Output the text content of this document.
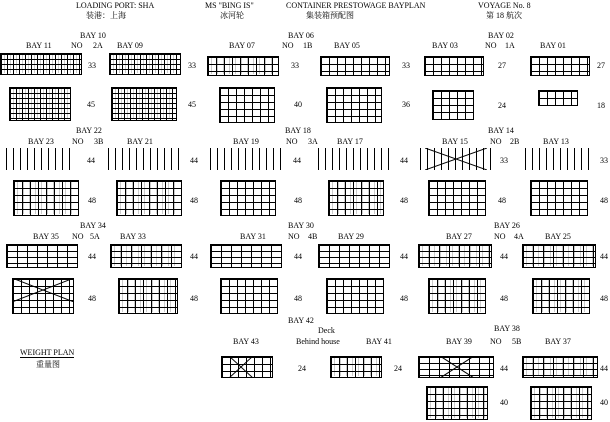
LOADING PORT: SHA
装港：上海
MS "BING IS"
冰河轮
CONTAINER PRESTOWAGE BAYPLAN
集装箱预配图
VOYAGE No. 8
第 18 航次
BAY 10
BAY 11 NO 2A BAY 09
33	33
45	45
BAY 06
BAY 07	NO 1B	BAY 05
33	33
40	36
BAY 02
BAY 03	NO 1A	BAY 01
27	27
24	18
BAY 22
BAY 23 NO 3B	BAY 21
44	44
48	48
BAY 18
BAY 19	NO 3A BAY 17
44	44
48	48
BAY 14
BAY 15	NO 2B	BAY 13
33	33
48	48
BAY 34
BAY 35 NO 5A	BAY 33
44	44
48	48
BAY 30
BAY 31	NO 4B	BAY 29
44	44
48	48
BAY 26
BAY 27	NO 4A	BAY 25
44	44
48	48
BAY 42
Deck
BAY 43	Behind house	BAY 41
24	24
BAY 38
BAY 39 NO 5B	BAY 37
44	44
40	40
WEIGHT PLAN
重量图
